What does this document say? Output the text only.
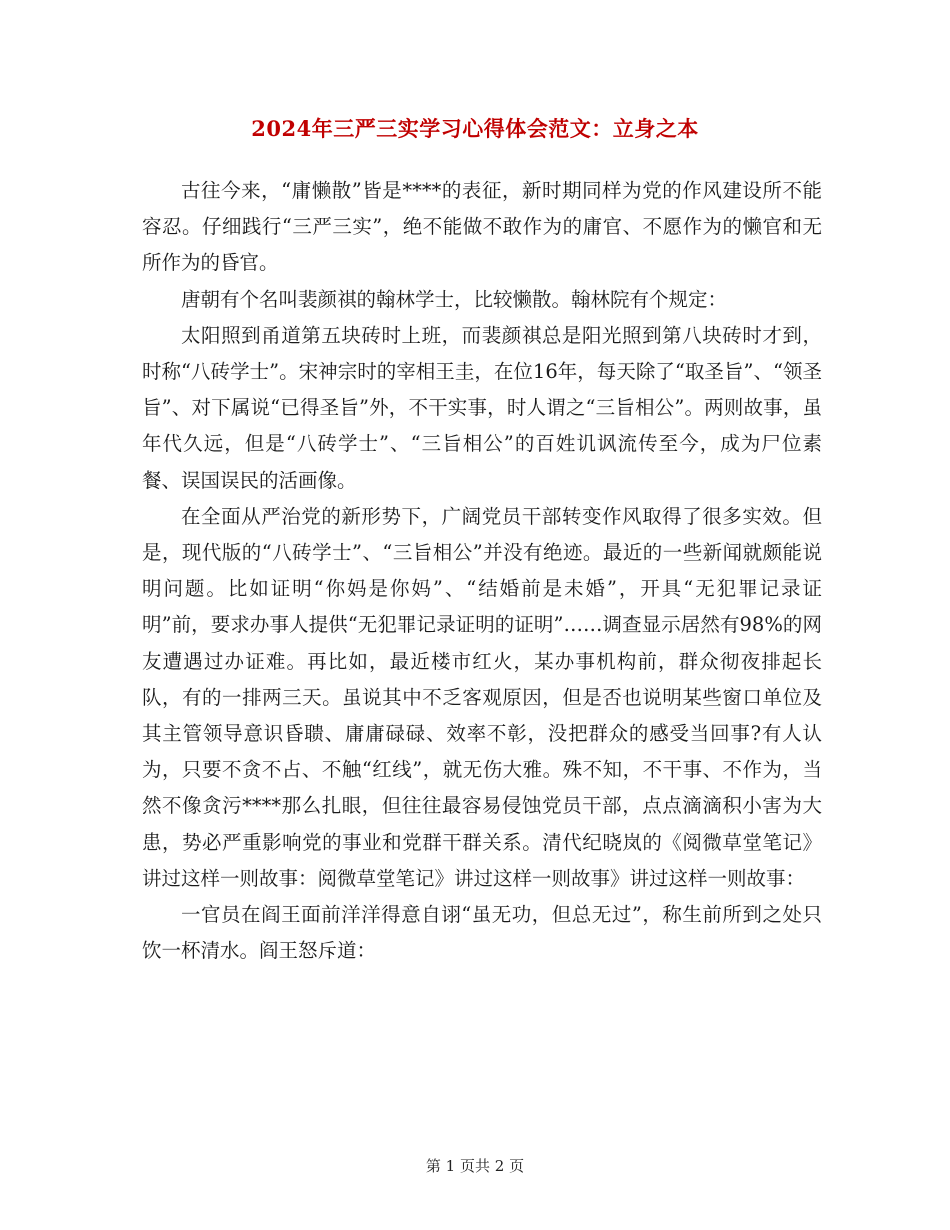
2024年三严三实学习心得体会范文：立身之本

古往今来，“庸懒散”皆是****的表征，新时期同样为党的作风建设所不能容忍。仔细践行“三严三实”，绝不能做不敢作为的庸官、不愿作为的懒官和无所作为的昏官。

唐朝有个名叫裴颜祺的翰林学士，比较懒散。翰林院有个规定：

太阳照到甬道第五块砖时上班，而裴颜祺总是阳光照到第八块砖时才到，时称“八砖学士”。宋神宗时的宰相王圭，在位16年，每天除了“取圣旨”、“领圣旨”、对下属说“已得圣旨”外，不干实事，时人谓之“三旨相公”。两则故事，虽年代久远，但是“八砖学士”、“三旨相公”的百姓讥讽流传至今，成为尸位素餐、误国误民的活画像。

在全面从严治党的新形势下，广阔党员干部转变作风取得了很多实效。但是，现代版的“八砖学士”、“三旨相公”并没有绝迹。最近的一些新闻就颇能说明问题。比如证明“你妈是你妈”、“结婚前是未婚”，开具“无犯罪记录证明”前，要求办事人提供“无犯罪记录证明的证明”……调查显示居然有98%的网友遭遇过办证难。再比如，最近楼市红火，某办事机构前，群众彻夜排起长队，有的一排两三天。虽说其中不乏客观原因，但是否也说明某些窗口单位及其主管领导意识昏聩、庸庸碌碌、效率不彰，没把群众的感受当回事?有人认为，只要不贪不占、不触“红线”，就无伤大雅。殊不知，不干事、不作为，当然不像贪污****那么扎眼，但往往最容易侵蚀党员干部，点点滴滴积小害为大患，势必严重影响党的事业和党群干群关系。清代纪晓岚的《阅微草堂笔记》讲过这样一则故事：阅微草堂笔记》讲过这样一则故事》讲过这样一则故事：

一官员在阎王面前洋洋得意自诩“虽无功，但总无过”，称生前所到之处只饮一杯清水。阎王怒斥道：

第 1 页共 2 页
